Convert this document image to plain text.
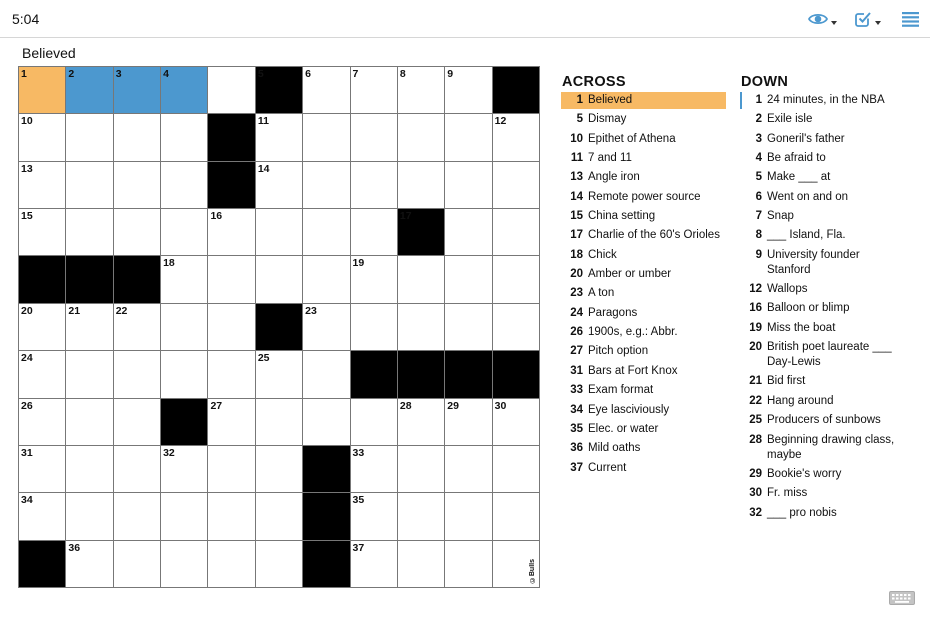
5:04
Believed
1	2	3	4	5	6	7	8	9
10	11	12
13	14
15	16	17
18	19
20	21	22	23
24	25
26	27	28	29	30
31	32	33
34	35
36	37
©Bulls
ACROSS
1 Believed
5 Dismay
10 Epithet of Athena
11 7 and 11
13 Angle iron
14 Remote power source
15 China setting
17 Charlie of the 60's Orioles
18 Chick
20 Amber or umber
23 A ton
24 Paragons
26 1900s, e.g.: Abbr.
27 Pitch option
31 Bars at Fort Knox
33 Exam format
34 Eye lasciviously
35 Elec. or water
36 Mild oaths
37 Current
DOWN
1 24 minutes, in the NBA
2 Exile isle
3 Goneril's father
4 Be afraid to
5 Make ___ at
6 Went on and on
7 Snap
8 ___ Island, Fla.
9 University founder Stanford
12 Wallops
16 Balloon or blimp
19 Miss the boat
20 British poet laureate ___ Day-Lewis
21 Bid first
22 Hang around
25 Producers of sunbows
28 Beginning drawing class, maybe
29 Bookie's worry
30 Fr. miss
32 ___ pro nobis
